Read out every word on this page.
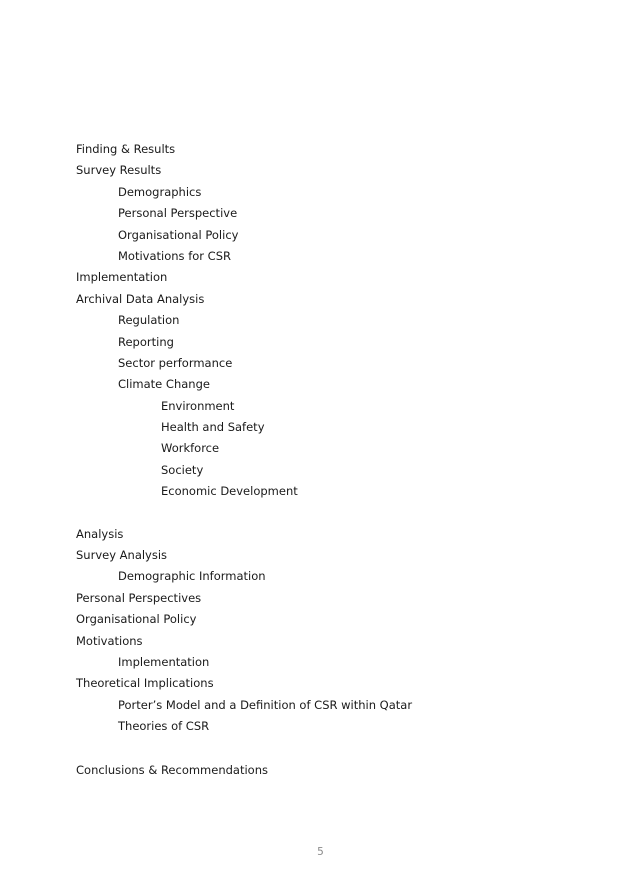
Finding & Results
Survey Results
Demographics
Personal Perspective
Organisational Policy
Motivations for CSR
Implementation
Archival Data Analysis
Regulation
Reporting
Sector performance
Climate Change
Environment
Health and Safety
Workforce
Society
Economic Development
Analysis
Survey Analysis
Demographic Information
Personal Perspectives
Organisational Policy
Motivations
Implementation
Theoretical Implications
Porter’s Model and a Definition of CSR within Qatar
Theories of CSR
Conclusions & Recommendations
5
